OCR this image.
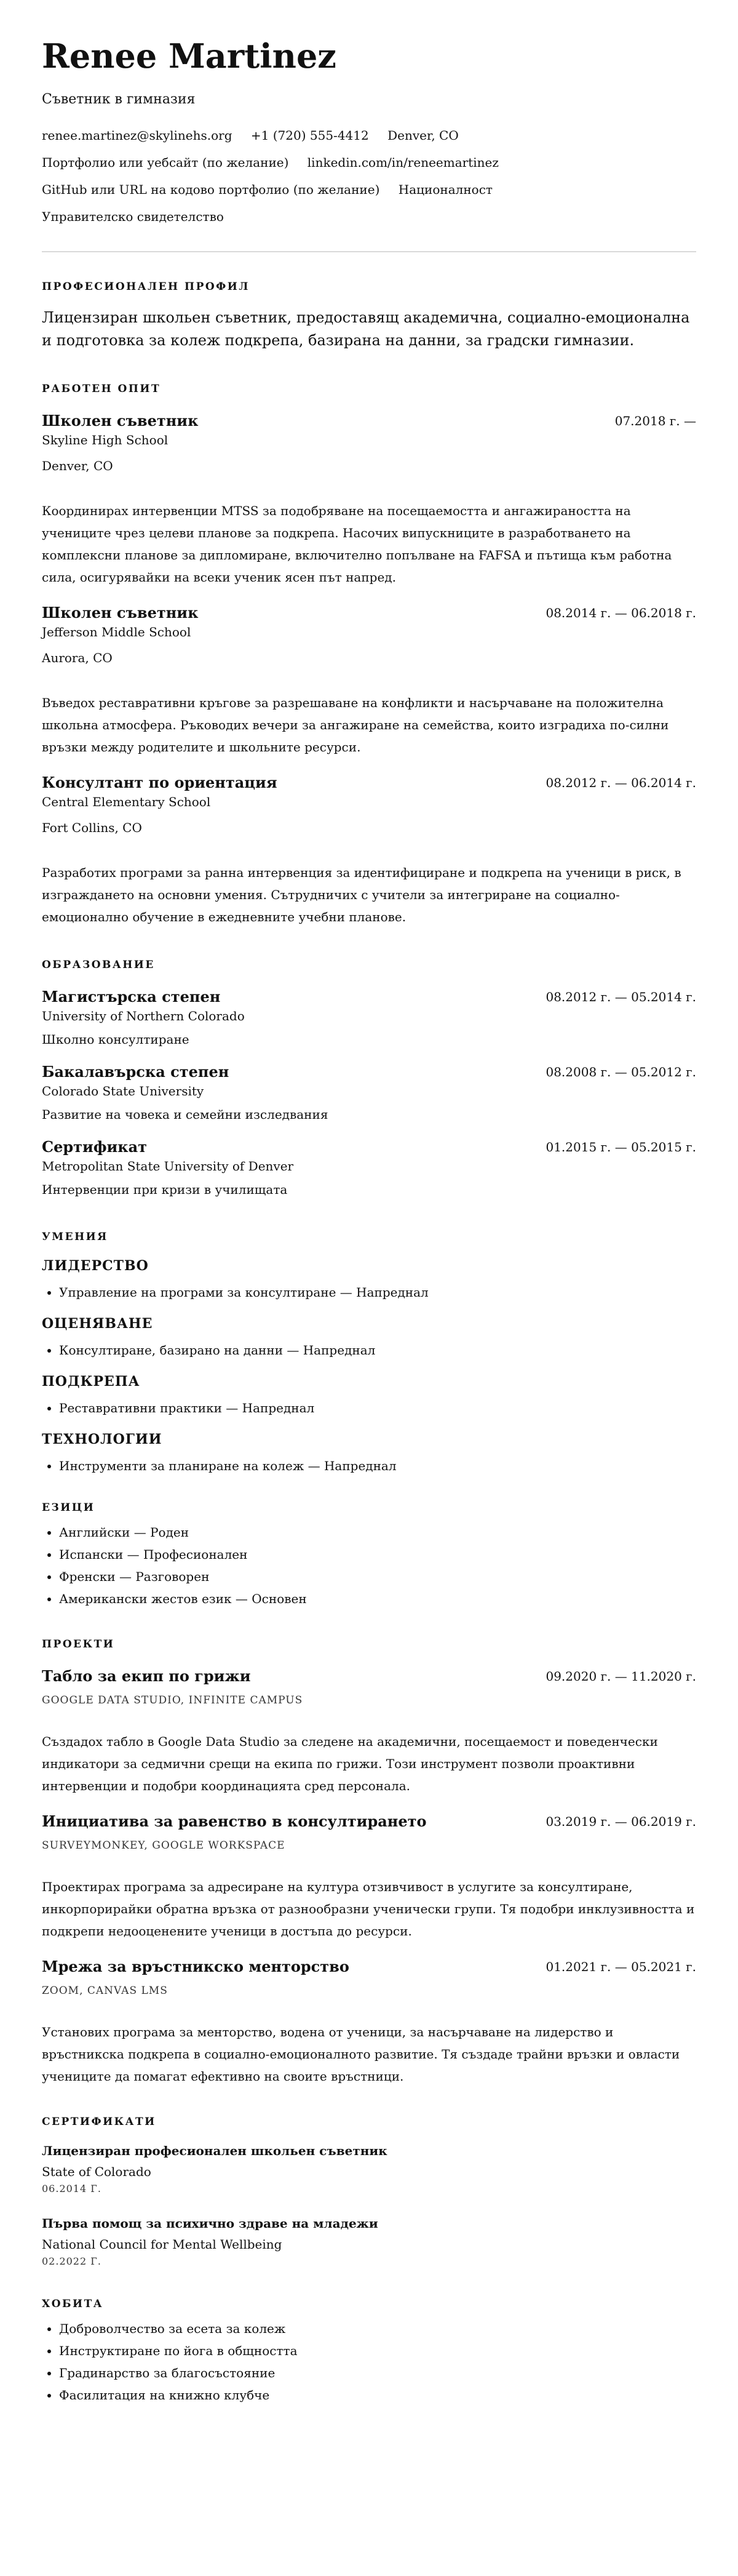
Renee Martinez
Съветник в гимназия
renee.martinez@skylinehs.org +1 (720) 555-4412 Denver, CO
Портфолио или уебсайт (по желание) linkedin.com/in/reneemartinez
GitHub или URL на кодово портфолио (по желание) Националност
Управителско свидетелство
ПРОФЕСИОНАЛЕН ПРОФИЛ
Лицензиран школьен съветник, предоставящ академична, социално-емоционална и подготовка за колеж подкрепа, базирана на данни, за градски гимназии.
РАБОТЕН ОПИТ
Школен съветник	07.2018 г. —
Skyline High School
Denver, CO
Координирах интервенции MTSS за подобряване на посещаемостта и ангажираността на учениците чрез целеви планове за подкрепа. Насочих випускниците в разработването на комплексни планове за дипломиране, включително попълване на FAFSA и пътища към работна сила, осигурявайки на всеки ученик ясен път напред.
Школен съветник	08.2014 г. — 06.2018 г.
Jefferson Middle School
Aurora, CO
Въведох реставративни кръгове за разрешаване на конфликти и насърчаване на положителна школьна атмосфера. Ръководих вечери за ангажиране на семейства, които изградиха по-силни връзки между родителите и школьните ресурси.
Консултант по ориентация	08.2012 г. — 06.2014 г.
Central Elementary School
Fort Collins, CO
Разработих програми за ранна интервенция за идентифициране и подкрепа на ученици в риск, в изграждането на основни умения. Сътрудничих с учители за интегриране на социално-емоционално обучение в ежедневните учебни планове.
ОБРАЗОВАНИЕ
Магистърска степен	08.2012 г. — 05.2014 г.
University of Northern Colorado
Школно консултиране
Бакалавърска степен	08.2008 г. — 05.2012 г.
Colorado State University
Развитие на човека и семейни изследвания
Сертификат	01.2015 г. — 05.2015 г.
Metropolitan State University of Denver
Интервенции при кризи в училищата
УМЕНИЯ
ЛИДЕРСТВО
• Управление на програми за консултиране — Напреднал
ОЦЕНЯВАНЕ
• Консултиране, базирано на данни — Напреднал
ПОДКРЕПА
• Реставративни практики — Напреднал
ТЕХНОЛОГИИ
• Инструменти за планиране на колеж — Напреднал
ЕЗИЦИ
• Английски — Роден
• Испански — Професионален
• Френски — Разговорен
• Американски жестов език — Основен
ПРОЕКТИ
Табло за екип по грижи	09.2020 г. — 11.2020 г.
GOOGLE DATA STUDIO, INFINITE CAMPUS
Създадох табло в Google Data Studio за следене на академични, посещаемост и поведенчески индикатори за седмични срещи на екипа по грижи. Този инструмент позволи проактивни интервенции и подобри координацията сред персонала.
Инициатива за равенство в консултирането	03.2019 г. — 06.2019 г.
SURVEYMONKEY, GOOGLE WORKSPACE
Проектирах програма за адресиране на култура отзивчивост в услугите за консултиране, инкорпорирайки обратна връзка от разнообразни ученически групи. Тя подобри инклузивността и подкрепи недооценените ученици в достъпа до ресурси.
Мрежа за връстникско менторство	01.2021 г. — 05.2021 г.
ZOOM, CANVAS LMS
Установих програма за менторство, водена от ученици, за насърчаване на лидерство и връстникска подкрепа в социално-емоционалното развитие. Тя създаде трайни връзки и овласти учениците да помагат ефективно на своите връстници.
СЕРТИФИКАТИ
Лицензиран професионален школьен съветник
State of Colorado
06.2014 Г.
Първа помощ за психично здраве на младежи
National Council for Mental Wellbeing
02.2022 Г.
ХОБИТА
• Доброволчество за есета за колеж
• Инструктиране по йога в общността
• Градинарство за благосъстояние
• Фасилитация на книжно клубче
